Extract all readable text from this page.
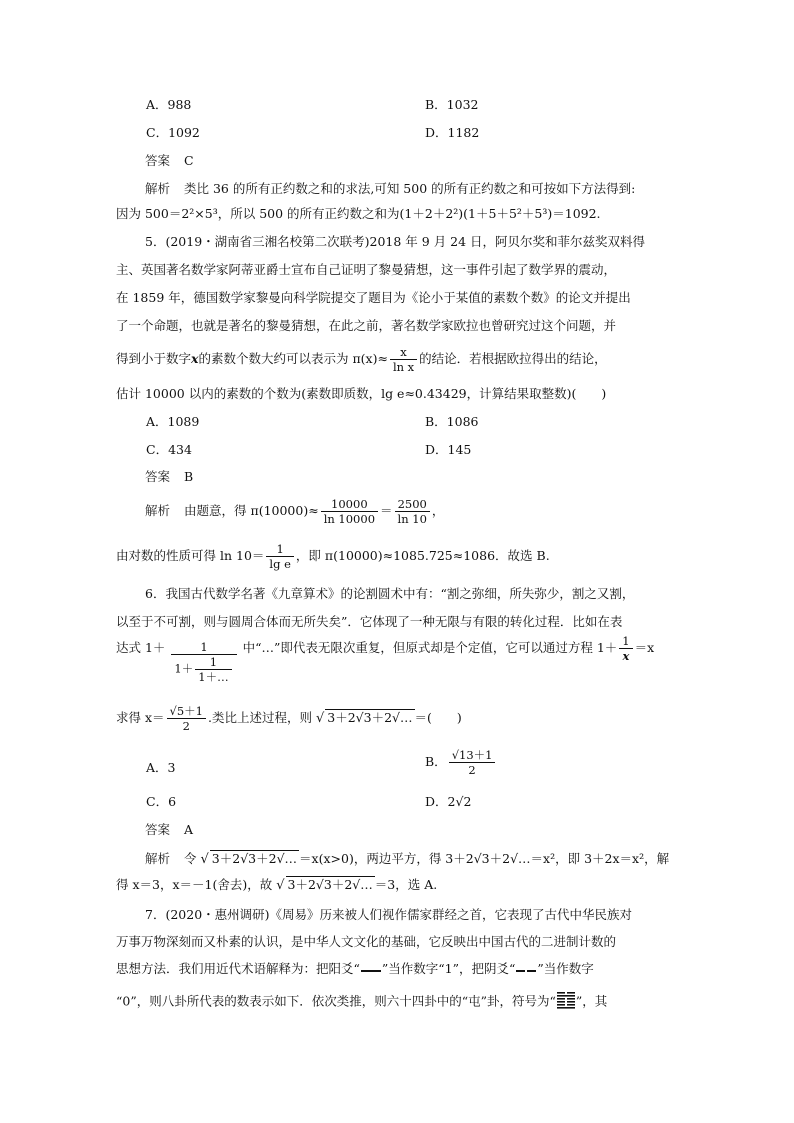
A．988	B．1032
C．1092	D．1182
答案 C
解析 类比 36 的所有正约数之和的求法,可知 500 的所有正约数之和可按如下方法得到:
因为 500＝2²×5³，所以 500 的所有正约数之和为(1＋2＋2²)(1＋5＋5²＋5³)＝1092.
5．(2019・湖南省三湘名校第二次联考)2018 年 9 月 24 日，阿贝尔奖和菲尔兹奖双料得
主、英国著名数学家阿蒂亚爵士宣布自己证明了黎曼猜想，这一事件引起了数学界的震动，
在 1859 年，德国数学家黎曼向科学院提交了题目为《论小于某值的素数个数》的论文并提出
了一个命题，也就是著名的黎曼猜想，在此之前，著名数学家欧拉也曾研究过这个问题，并
得到小于数字x的素数个数大约可以表示为 $\pi(x)\approx \frac{x}{\text{ln x}}$ 的结论．若根据欧拉得出的结论，
估计 10000 以内的素数的个数为(素数即质数，lg e≈0.43429，计算结果取整数)(　　)
A．1089	B．1086
C．434	D．145
答案 B
解析 由题意，得 $\pi(10000)\approx \frac{10000}{\ln 10000} = \frac{2500}{\ln 10}$ ，
由对数的性质可得 $\ln 10= \frac{1}{\text{lg e}}$ ，即 π(10000)≈1085.725≈1086．故选 B.
6．我国古代数学名著《九章算术》的论割圆术中有：“割之弥细，所失弥少，割之又割，
以至于不可割，则与圆周合体而无所失矣”．它体现了一种无限与有限的转化过程．比如在表
达式 $1+ \frac{1}{1+ \frac{1}{1+\dots}}$ 中“…”即代表无限次重复，但原式却是个定值，它可以通过方程 $1+ \frac{1}{x} =x$
求得 $x= \frac{√5+1}{2}$ .类比上述过程，则 √ 3＋2√3＋2√… ＝(　　)
A．3	B． $\frac{√13+1}{2}$
C．6	D．2√2
答案 A
解析 令 √ 3＋2√3＋2√… ＝x(x>0)，两边平方，得 3＋2√3＋2√…＝x²，即 3＋2x＝x²，解
得 x＝3，x＝－1(舍去)，故 √ 3＋2√3＋2√… ＝3，选 A.
7．(2020・惠州调研)《周易》历来被人们视作儒家群经之首，它表现了古代中华民族对
万事万物深刻而又朴素的认识，是中华人文文化的基础，它反映出中国古代的二进制计数的
思想方法．我们用近代术语解释为：把阳爻“ ”当作数字“1”，把阴爻“ ”当作数字
“0”，则八卦所代表的数表示如下．依次类推，则六十四卦中的“屯”卦，符号为“ ”，其
